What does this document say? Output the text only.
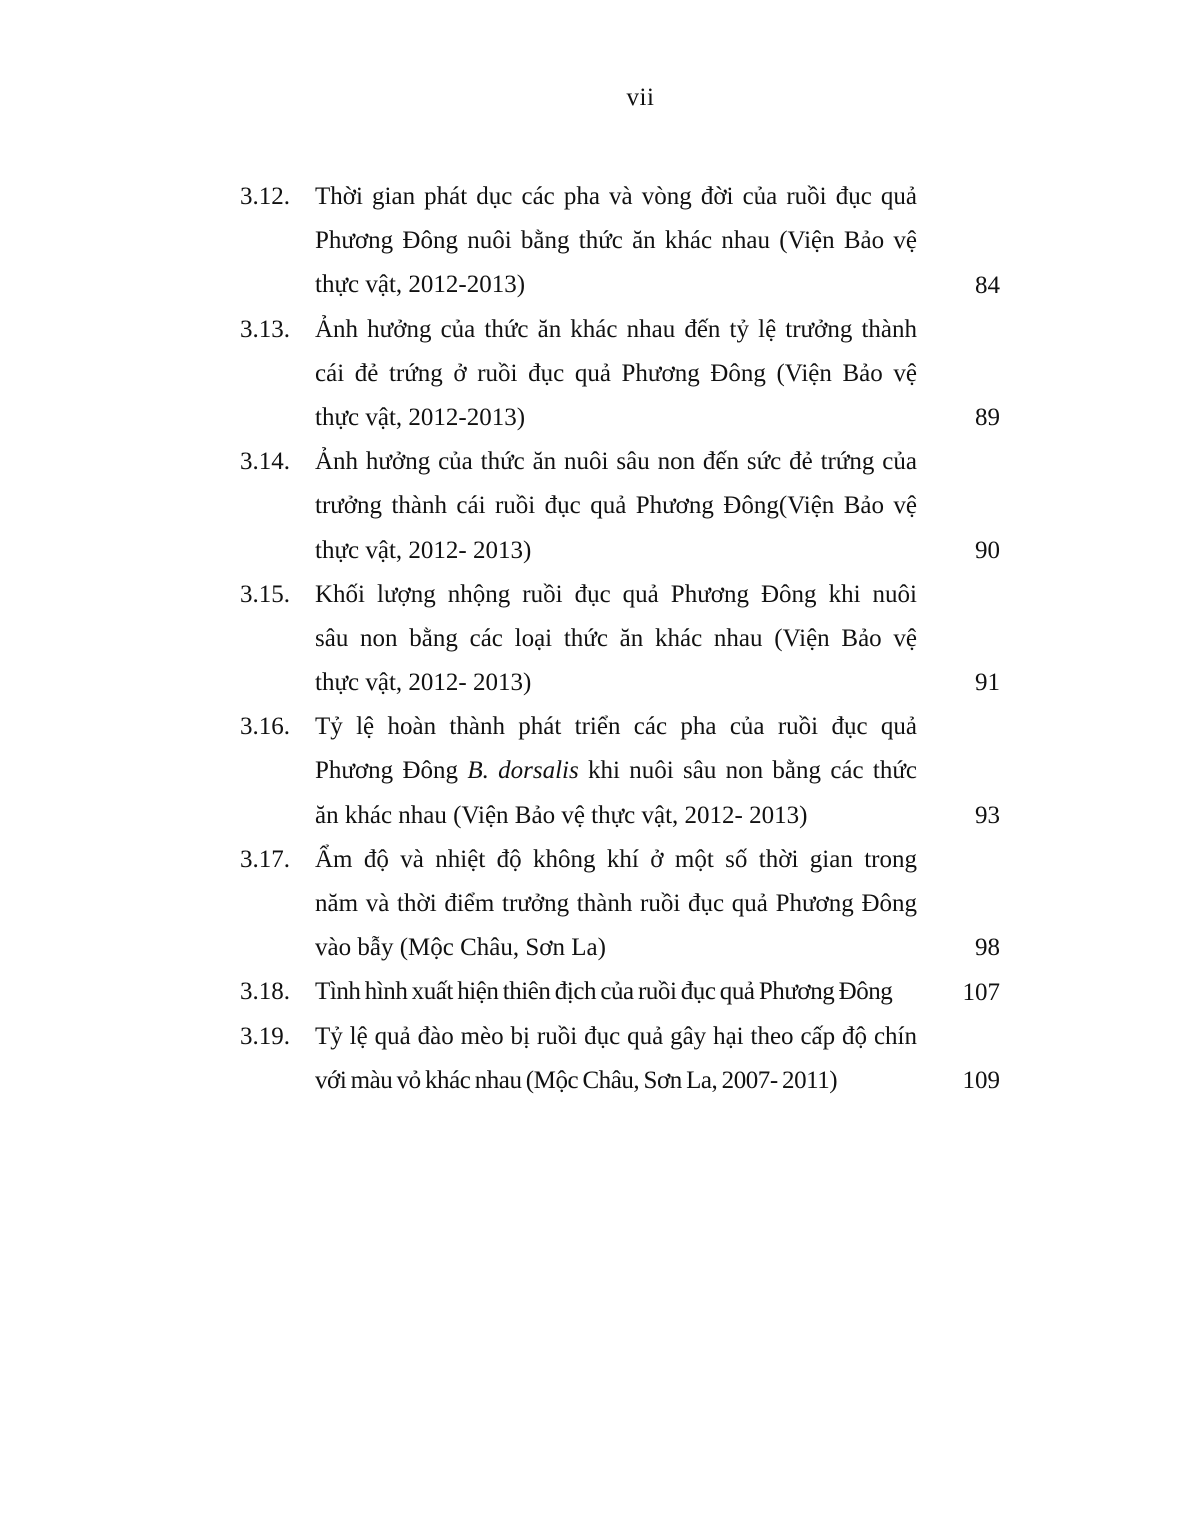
vii
3.12. Thời gian phát dục các pha và vòng đời của ruồi đục quả
Phương Đông nuôi bằng thức ăn khác nhau (Viện Bảo vệ
thực vật, 2012-2013)	84
3.13. Ảnh hưởng của thức ăn khác nhau đến tỷ lệ trưởng thành
cái đẻ trứng ở ruồi đục quả Phương Đông (Viện Bảo vệ
thực vật, 2012-2013)	89
3.14. Ảnh hưởng của thức ăn nuôi sâu non đến sức đẻ trứng của
trưởng thành cái ruồi đục quả Phương Đông(Viện Bảo vệ
thực vật, 2012- 2013)	90
3.15. Khối lượng nhộng ruồi đục quả Phương Đông khi nuôi
sâu non bằng các loại thức ăn khác nhau (Viện Bảo vệ
thực vật, 2012- 2013)	91
3.16. Tỷ lệ hoàn thành phát triển các pha của ruồi đục quả
Phương Đông B. dorsalis khi nuôi sâu non bằng các thức
ăn khác nhau (Viện Bảo vệ thực vật, 2012- 2013)	93
3.17. Ẩm độ và nhiệt độ không khí ở một số thời gian trong
năm và thời điểm trưởng thành ruồi đục quả Phương Đông
vào bẫy (Mộc Châu, Sơn La)	98
3.18. Tình hình xuất hiện thiên địch của ruồi đục quả Phương Đông	107
3.19. Tỷ lệ quả đào mèo bị ruồi đục quả gây hại theo cấp độ chín
với màu vỏ khác nhau (Mộc Châu, Sơn La, 2007- 2011)	109
